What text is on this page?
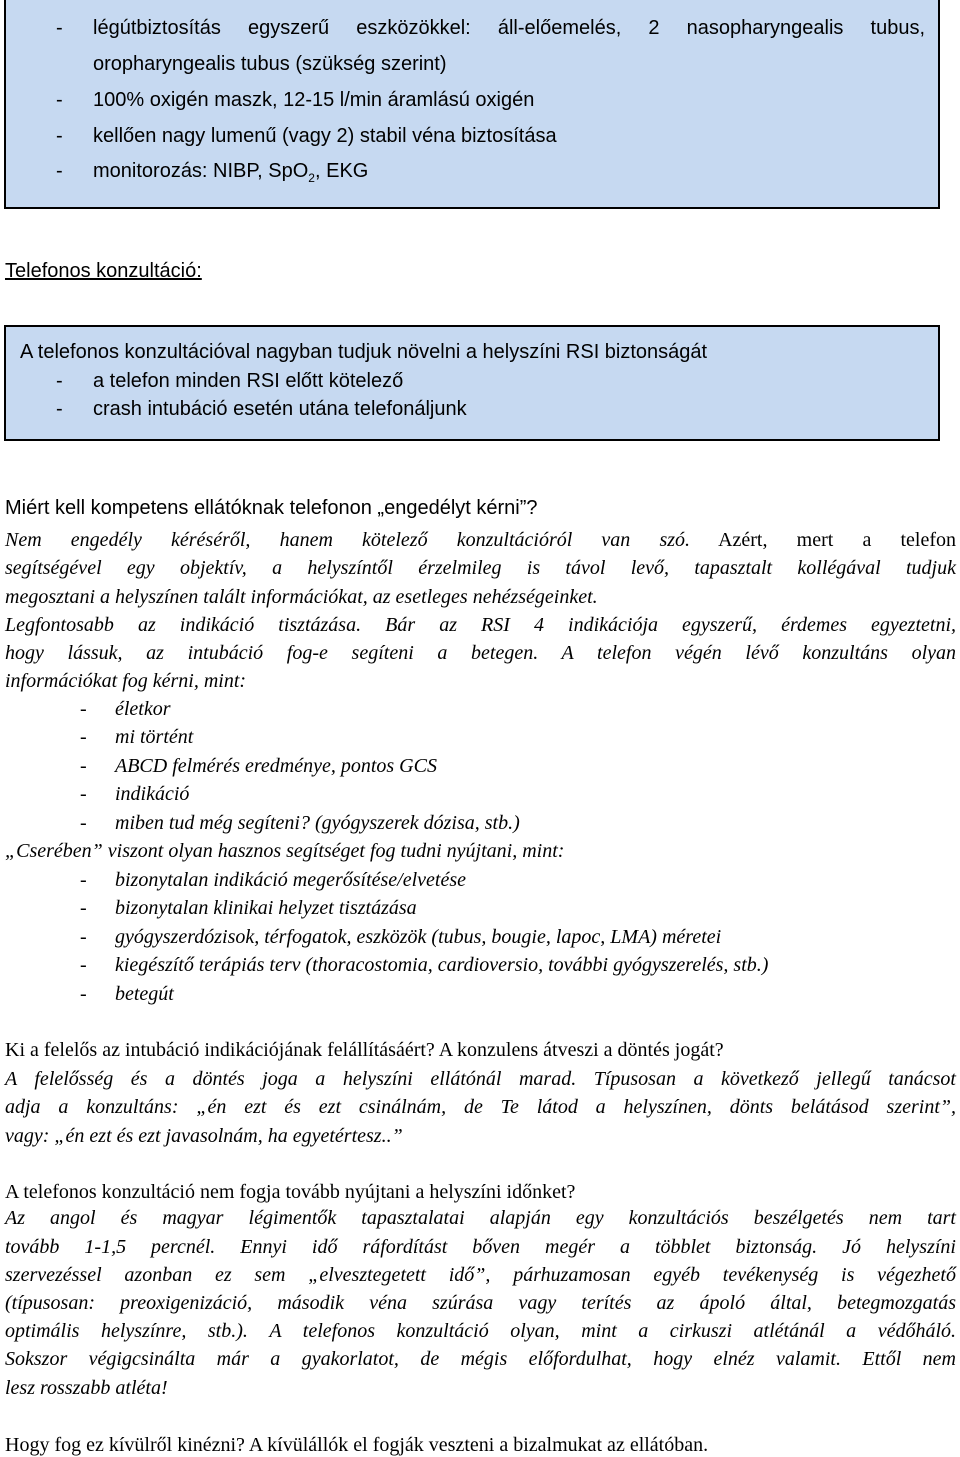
- légútbiztosítás egyszerű eszközökkel: áll-előemelés, 2 nasopharyngealis tubus,
oropharyngealis tubus (szükség szerint)
- 100% oxigén maszk, 12-15 l/min áramlású oxigén
- kellően nagy lumenű (vagy 2) stabil véna biztosítása
- monitorozás: NIBP, SpO$_2$, EKG
Telefonos konzultáció:
A telefonos konzultációval nagyban tudjuk növelni a helyszíni RSI biztonságát
- a telefon minden RSI előtt kötelező
- crash intubáció esetén utána telefonáljunk
Miért kell kompetens ellátóknak telefonon „engedélyt kérni”?
Nem engedély kéréséről, hanem kötelező konzultációról van szó. Azért, mert a telefon
segítségével egy objektív, a helyszíntől érzelmileg is távol levő, tapasztalt kollégával tudjuk
megosztani a helyszínen talált információkat, az esetleges nehézségeinket.
Legfontosabb az indikáció tisztázása. Bár az RSI 4 indikációja egyszerű, érdemes egyeztetni,
hogy lássuk, az intubáció fog-e segíteni a betegen. A telefon végén lévő konzultáns olyan
információkat fog kérni, mint:
- életkor
- mi történt
- ABCD felmérés eredménye, pontos GCS
- indikáció
- miben tud még segíteni? (gyógyszerek dózisa, stb.)
„Cserében” viszont olyan hasznos segítséget fog tudni nyújtani, mint:
- bizonytalan indikáció megerősítése/elvetése
- bizonytalan klinikai helyzet tisztázása
- gyógyszerdózisok, térfogatok, eszközök (tubus, bougie, lapoc, LMA) méretei
- kiegészítő terápiás terv (thoracostomia, cardioversio, további gyógyszerelés, stb.)
- betegút
Ki a felelős az intubáció indikációjának felállításáért? A konzulens átveszi a döntés jogát?
A felelősség és a döntés joga a helyszíni ellátónál marad. Típusosan a következő jellegű tanácsot
adja a konzultáns: „én ezt és ezt csinálnám, de Te látod a helyszínen, dönts belátásod szerint”,
vagy: „én ezt és ezt javasolnám, ha egyetértesz..”
A telefonos konzultáció nem fogja tovább nyújtani a helyszíni időnket?
Az angol és magyar légimentők tapasztalatai alapján egy konzultációs beszélgetés nem tart
tovább 1-1,5 percnél. Ennyi idő ráfordítást bőven megér a többlet biztonság. Jó helyszíni
szervezéssel azonban ez sem „elvesztegetett idő”, párhuzamosan egyéb tevékenység is végezhető
(típusosan: preoxigenizáció, második véna szúrása vagy terítés az ápoló által, betegmozgatás
optimális helyszínre, stb.). A telefonos konzultáció olyan, mint a cirkuszi atlétánál a védőháló.
Sokszor végigcsinálta már a gyakorlatot, de mégis előfordulhat, hogy elnéz valamit. Ettől nem
lesz rosszabb atléta!
Hogy fog ez kívülről kinézni? A kívülállók el fogják veszteni a bizalmukat az ellátóban.
